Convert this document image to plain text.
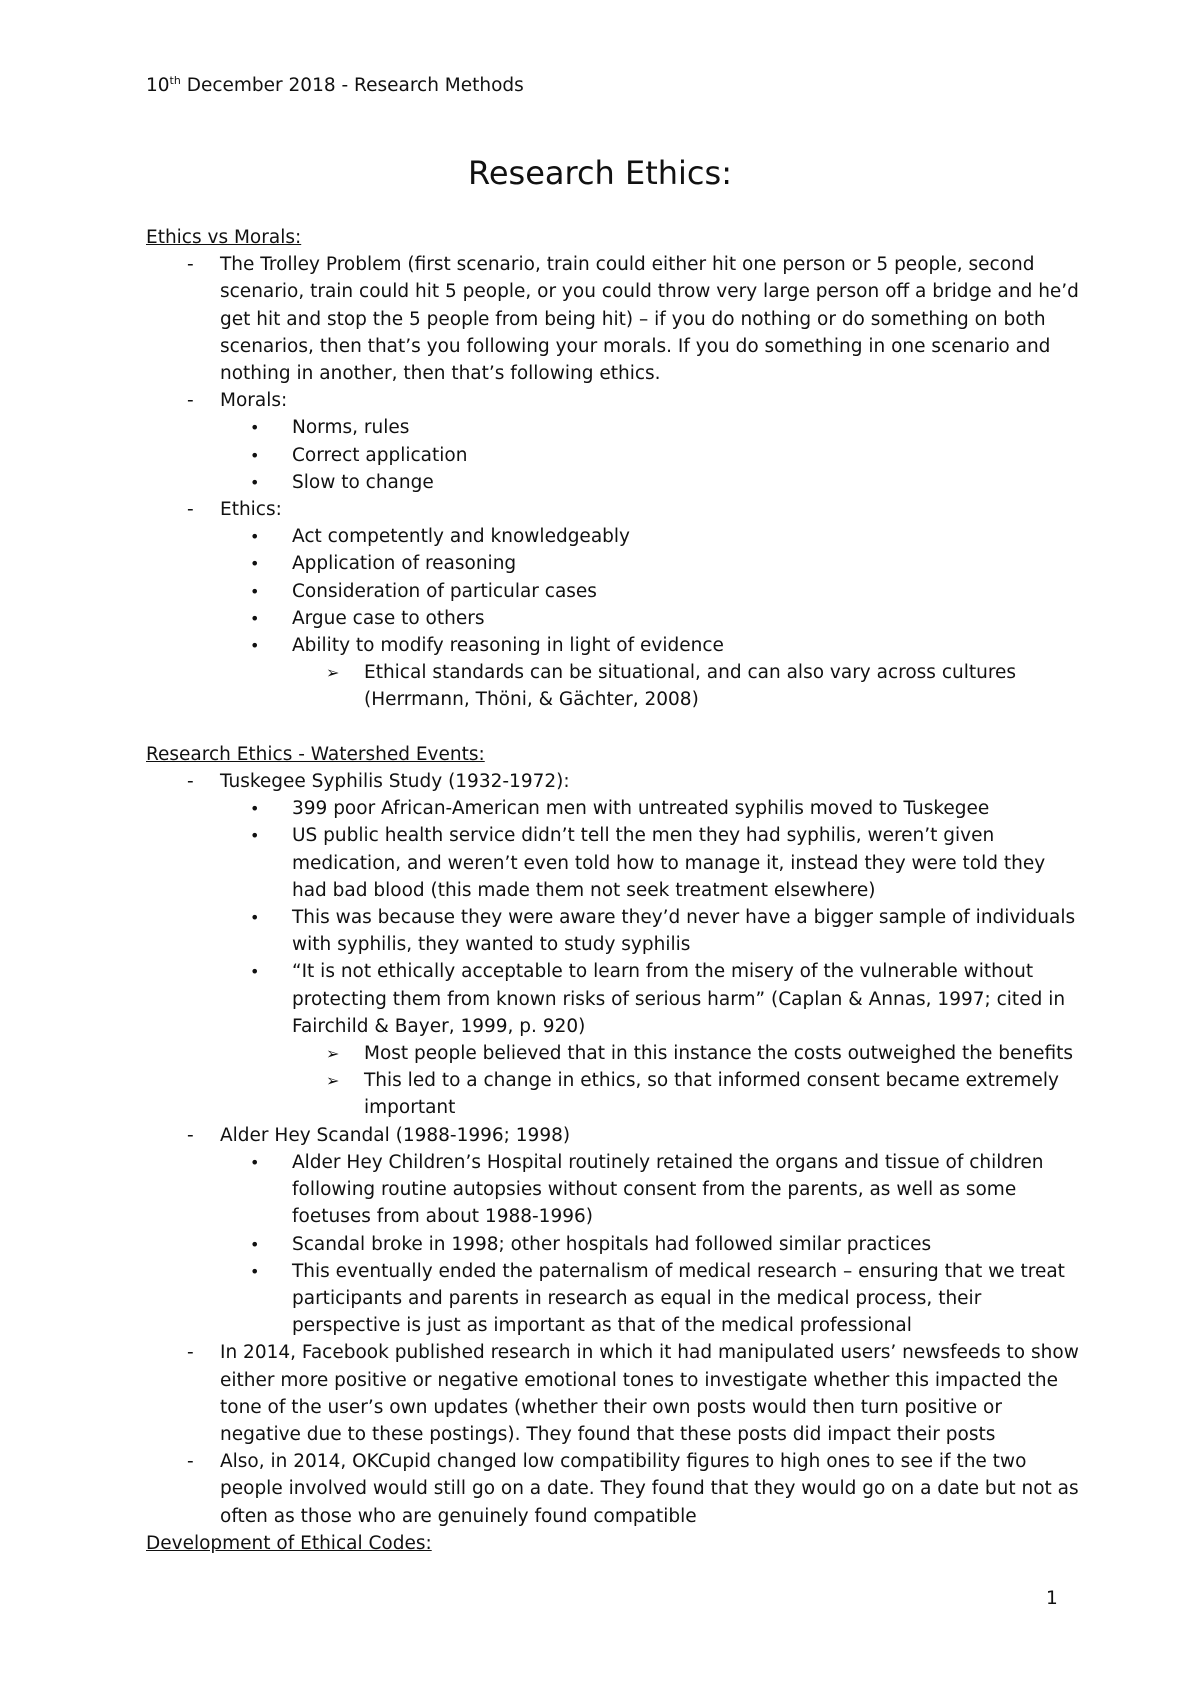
10th December 2018 - Research Methods
Research Ethics:
Ethics vs Morals:
- The Trolley Problem (first scenario, train could either hit one person or 5 people, second
scenario, train could hit 5 people, or you could throw very large person off a bridge and he’d
get hit and stop the 5 people from being hit) – if you do nothing or do something on both
scenarios, then that’s you following your morals. If you do something in one scenario and
nothing in another, then that’s following ethics.
- Morals:
• Norms, rules
• Correct application
• Slow to change
- Ethics:
• Act competently and knowledgeably
• Application of reasoning
• Consideration of particular cases
• Argue case to others
• Ability to modify reasoning in light of evidence
➢ Ethical standards can be situational, and can also vary across cultures
(Herrmann, Thöni, & Gächter, 2008)
Research Ethics - Watershed Events:
- Tuskegee Syphilis Study (1932-1972):
• 399 poor African-American men with untreated syphilis moved to Tuskegee
• US public health service didn’t tell the men they had syphilis, weren’t given
medication, and weren’t even told how to manage it, instead they were told they
had bad blood (this made them not seek treatment elsewhere)
• This was because they were aware they’d never have a bigger sample of individuals
with syphilis, they wanted to study syphilis
• “It is not ethically acceptable to learn from the misery of the vulnerable without
protecting them from known risks of serious harm” (Caplan & Annas, 1997; cited in
Fairchild & Bayer, 1999, p. 920)
➢ Most people believed that in this instance the costs outweighed the benefits
➢ This led to a change in ethics, so that informed consent became extremely
important
- Alder Hey Scandal (1988-1996; 1998)
• Alder Hey Children’s Hospital routinely retained the organs and tissue of children
following routine autopsies without consent from the parents, as well as some
foetuses from about 1988-1996)
• Scandal broke in 1998; other hospitals had followed similar practices
• This eventually ended the paternalism of medical research – ensuring that we treat
participants and parents in research as equal in the medical process, their
perspective is just as important as that of the medical professional
- In 2014, Facebook published research in which it had manipulated users’ newsfeeds to show
either more positive or negative emotional tones to investigate whether this impacted the
tone of the user’s own updates (whether their own posts would then turn positive or
negative due to these postings). They found that these posts did impact their posts
- Also, in 2014, OKCupid changed low compatibility figures to high ones to see if the two
people involved would still go on a date. They found that they would go on a date but not as
often as those who are genuinely found compatible
Development of Ethical Codes:
1
